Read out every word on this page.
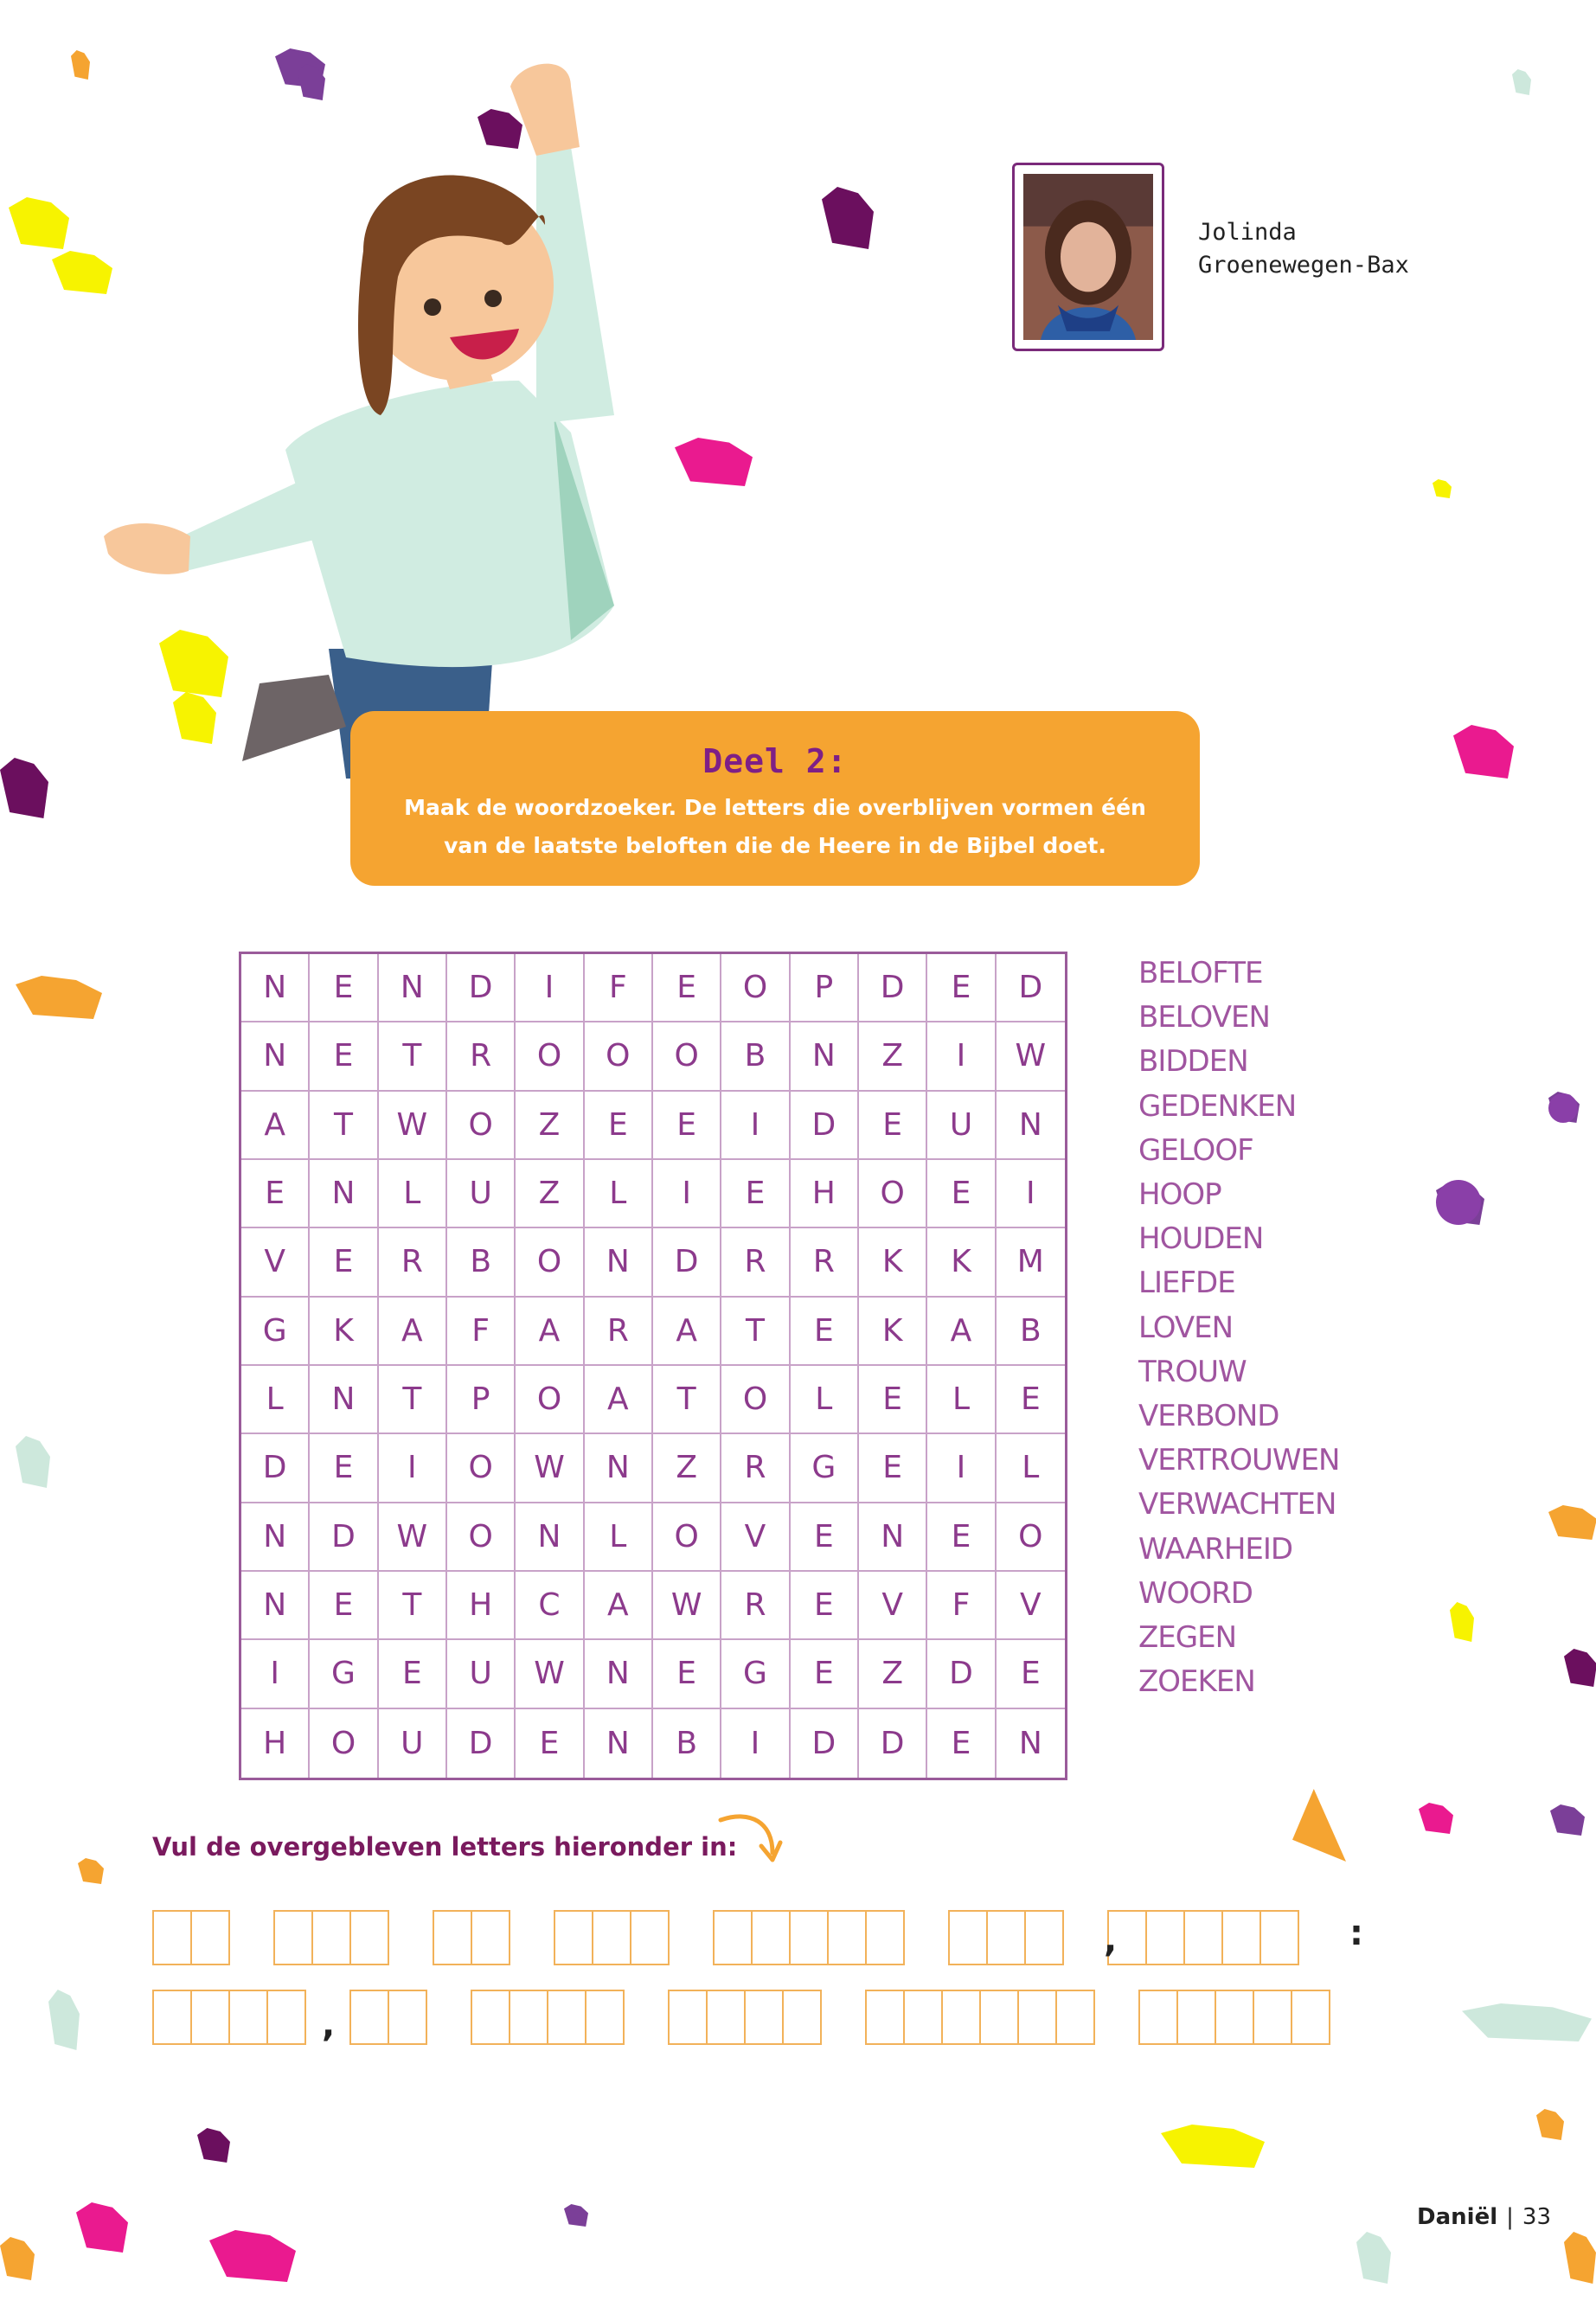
Jolinda
Groenewegen-Bax
Deel 2:
Maak de woordzoeker. De letters die overblijven vormen één van de laatste beloften die de Heere in de Bijbel doet.
N	E	N	D	I	F	E	O	P	D	E	D
N	E	T	R	O	O	O	B	N	Z	I	W
A	T	W	O	Z	E	E	I	D	E	U	N
E	N	L	U	Z	L	I	E	H	O	E	I
V	E	R	B	O	N	D	R	R	K	K	M
G	K	A	F	A	R	A	T	E	K	A	B
L	N	T	P	O	A	T	O	L	E	L	E
D	E	I	O	W	N	Z	R	G	E	I	L
N	D	W	O	N	L	O	V	E	N	E	O
N	E	T	H	C	A	W	R	E	V	F	V
I	G	E	U	W	N	E	G	E	Z	D	E
H	O	U	D	E	N	B	I	D	D	E	N
BELOFTE
BELOVEN
BIDDEN
GEDENKEN
GELOOF
HOOP
HOUDEN
LIEFDE
LOVEN
TROUW
VERBOND
VERTROUWEN
VERWACHTEN
WAARHEID
WOORD
ZEGEN
ZOEKEN
Vul de overgebleven letters hieronder in:
,	:
,
Daniël | 33
